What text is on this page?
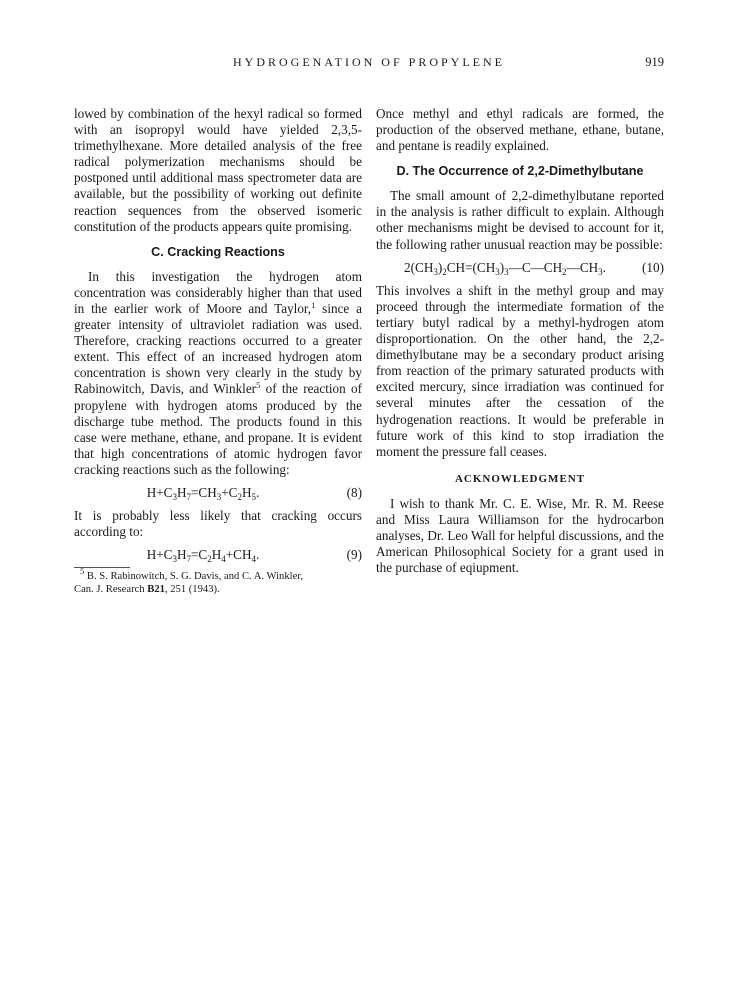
HYDROGENATION OF PROPYLENE	919

lowed by combination of the hexyl radical so formed with an isopropyl would have yielded 2,3,5-trimethylhexane. More detailed analysis of the free radical polymerization mechanisms should be postponed until additional mass spectrometer data are available, but the possibility of working out definite reaction sequences from the observed isomeric constitution of the products appears quite promising.

C. Cracking Reactions

In this investigation the hydrogen atom concentration was considerably higher than that used in the earlier work of Moore and Taylor,$^1$ since a greater intensity of ultraviolet radiation was used. Therefore, cracking reactions occurred to a greater extent. This effect of an increased hydrogen atom concentration is shown very clearly in the study by Rabinowitch, Davis, and Winkler$^5$ of the reaction of propylene with hydrogen atoms produced by the discharge tube method. The products found in this case were methane, ethane, and propane. It is evident that high concentrations of atomic hydrogen favor cracking reactions such as the following:

$H+C_3H_7=CH_3+C_2H_5$.	(8)

It is probably less likely that cracking occurs according to:

$H+C_3H_7=C_2H_4+CH_4$.	(9)
$^5$ B. S. Rabinowitch, S. G. Davis, and C. A. Winkler,
Can. J. Research B21, 251 (1943).

Once methyl and ethyl radicals are formed, the production of the observed methane, ethane, butane, and pentane is readily explained.

D. The Occurrence of 2,2-Dimethylbutane

The small amount of 2,2-dimethylbutane reported in the analysis is rather difficult to explain. Although other mechanisms might be devised to account for it, the following rather unusual reaction may be possible:

$2(CH_3)_2CH=(CH_3)_3—C—CH_2—CH_3$.	(10)

This involves a shift in the methyl group and may proceed through the intermediate formation of the tertiary butyl radical by a methyl-hydrogen atom disproportionation. On the other hand, the 2,2-dimethylbutane may be a secondary product arising from reaction of the primary saturated products with excited mercury, since irradiation was continued for several minutes after the cessation of the hydrogenation reactions. It would be preferable in future work of this kind to stop irradiation the moment the pressure fall ceases.

ACKNOWLEDGMENT

I wish to thank Mr. C. E. Wise, Mr. R. M. Reese and Miss Laura Williamson for the hydrocarbon analyses, Dr. Leo Wall for helpful discussions, and the American Philosophical Society for a grant used in the purchase of eqiupment.
